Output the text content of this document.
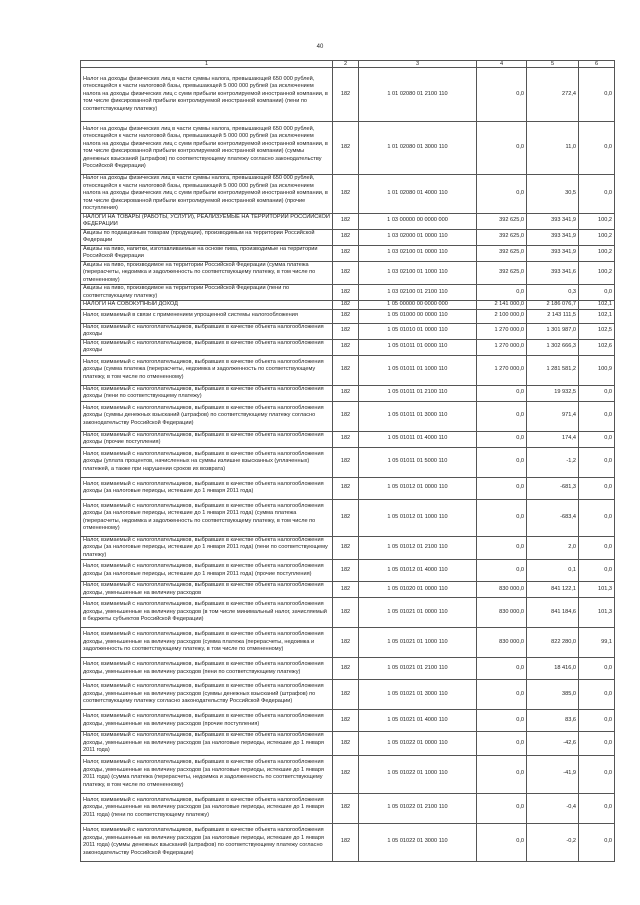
40
1	2	3	4	5	6
Налог на доходы физических лиц в части суммы налога, превышающей 650 000 рублей, относящейся к части налоговой базы, превышающей 5 000 000 рублей (за исключением налога на доходы физических лиц с сумм прибыли контролируемой иностранной компании, в том числе фиксированной прибыли контролируемой иностранной компании) (пени по соответствующему платежу)	182	1 01 02080 01 2100 110	0,0	272,4	0,0
Налог на доходы физических лиц в части суммы налога, превышающей 650 000 рублей, относящейся к части налоговой базы, превышающей 5 000 000 рублей (за исключением налога на доходы физических лиц с сумм прибыли контролируемой иностранной компании, в том числе фиксированной прибыли контролируемой иностранной компании) (суммы денежных взысканий (штрафов) по соответствующему платежу согласно законодательству Российской Федерации)	182	1 01 02080 01 3000 110	0,0	11,0	0,0
Налог на доходы физических лиц в части суммы налога, превышающей 650 000 рублей, относящейся к части налоговой базы, превышающей 5 000 000 рублей (за исключением налога на доходы физических лиц с сумм прибыли контролируемой иностранной компании, в том числе фиксированной прибыли контролируемой иностранной компании) (прочие поступления)	182	1 01 02080 01 4000 110	0,0	30,5	0,0
НАЛОГИ НА ТОВАРЫ (РАБОТЫ, УСЛУГИ), РЕАЛИЗУЕМЫЕ НА ТЕРРИТОРИИ РОССИЙСКОЙ ФЕДЕРАЦИИ	182	1 03 00000 00 0000 000	392 625,0	393 341,9	100,2
Акцизы по подакцизным товарам (продукции), производимым на территории Российской Федерации	182	1 03 02000 01 0000 110	392 625,0	393 341,9	100,2
Акцизы на пиво, напитки, изготавливаемые на основе пива, производимые на территории Российской Федерации	182	1 03 02100 01 0000 110	392 625,0	393 341,9	100,2
Акцизы на пиво, производимое на территории Российской Федерации (сумма платежа (перерасчеты, недоимка и задолженность по соответствующему платежу, в том числе по отмененному)	182	1 03 02100 01 1000 110	392 625,0	393 341,6	100,2
Акцизы на пиво, производимое на территории Российской Федерации (пени по соответствующему платежу)	182	1 03 02100 01 2100 110	0,0	0,3	0,0
НАЛОГИ НА СОВОКУПНЫЙ ДОХОД	182	1 05 00000 00 0000 000	2 141 000,0	2 186 076,7	102,1
Налог, взимаемый в связи с применением упрощенной системы налогообложения	182	1 05 01000 00 0000 110	2 100 000,0	2 143 111,5	102,1
Налог, взимаемый с налогоплательщиков, выбравших в качестве объекта налогообложения доходы	182	1 05 01010 01 0000 110	1 270 000,0	1 301 987,0	102,5
Налог, взимаемый с налогоплательщиков, выбравших в качестве объекта налогообложения доходы	182	1 05 01011 01 0000 110	1 270 000,0	1 302 666,3	102,6
Налог, взимаемый с налогоплательщиков, выбравших в качестве объекта налогообложения доходы (сумма платежа (перерасчеты, недоимка и задолженность по соответствующему платежу, в том числе по отмененному)	182	1 05 01011 01 1000 110	1 270 000,0	1 281 581,2	100,9
Налог, взимаемый с налогоплательщиков, выбравших в качестве объекта налогообложения доходы (пени по соответствующему платежу)	182	1 05 01011 01 2100 110	0,0	19 932,5	0,0
Налог, взимаемый с налогоплательщиков, выбравших в качестве объекта налогообложения доходы (суммы денежных взысканий (штрафов) по соответствующему платежу согласно законодательству Российской Федерации)	182	1 05 01011 01 3000 110	0,0	971,4	0,0
Налог, взимаемый с налогоплательщиков, выбравших в качестве объекта налогообложения доходы (прочие поступления)	182	1 05 01011 01 4000 110	0,0	174,4	0,0
Налог, взимаемый с налогоплательщиков, выбравших в качестве объекта налогообложения доходы (уплата процентов, начисленных на суммы излишне взысканных (уплаченных) платежей, а также при нарушении сроков их возврата)	182	1 05 01011 01 5000 110	0,0	-1,2	0,0
Налог, взимаемый с налогоплательщиков, выбравших в качестве объекта налогообложения доходы (за налоговые периоды, истекшие до 1 января 2011 года)	182	1 05 01012 01 0000 110	0,0	-681,3	0,0
Налог, взимаемый с налогоплательщиков, выбравших в качестве объекта налогообложения доходы (за налоговые периоды, истекшие до 1 января 2011 года) (сумма платежа (перерасчеты, недоимка и задолженность по соответствующему платежу, в том числе по отмененному)	182	1 05 01012 01 1000 110	0,0	-683,4	0,0
Налог, взимаемый с налогоплательщиков, выбравших в качестве объекта налогообложения доходы (за налоговые периоды, истекшие до 1 января 2011 года) (пени по соответствующему платежу)	182	1 05 01012 01 2100 110	0,0	2,0	0,0
Налог, взимаемый с налогоплательщиков, выбравших в качестве объекта налогообложения доходы (за налоговые периоды, истекшие до 1 января 2011 года) (прочие поступления)	182	1 05 01012 01 4000 110	0,0	0,1	0,0
Налог, взимаемый с налогоплательщиков, выбравших в качестве объекта налогообложения доходы, уменьшенные на величину расходов	182	1 05 01020 01 0000 110	830 000,0	841 122,1	101,3
Налог, взимаемый с налогоплательщиков, выбравших в качестве объекта налогообложения доходы, уменьшенные на величину расходов (в том числе минимальный налог, зачисляемый в бюджеты субъектов Российской Федерации)	182	1 05 01021 01 0000 110	830 000,0	841 184,6	101,3
Налог, взимаемый с налогоплательщиков, выбравших в качестве объекта налогообложения доходы, уменьшенные на величину расходов (сумма платежа (перерасчеты, недоимка и задолженность по соответствующему платежу, в том числе по отмененному)	182	1 05 01021 01 1000 110	830 000,0	822 280,0	99,1
Налог, взимаемый с налогоплательщиков, выбравших в качестве объекта налогообложения доходы, уменьшенные на величину расходов (пени по соответствующему платежу)	182	1 05 01021 01 2100 110	0,0	18 416,0	0,0
Налог, взимаемый с налогоплательщиков, выбравших в качестве объекта налогообложения доходы, уменьшенные на величину расходов (суммы денежных взысканий (штрафов) по соответствующему платежу согласно законодательству Российской Федерации)	182	1 05 01021 01 3000 110	0,0	385,0	0,0
Налог, взимаемый с налогоплательщиков, выбравших в качестве объекта налогообложения доходы, уменьшенные на величину расходов (прочие поступления)	182	1 05 01021 01 4000 110	0,0	83,6	0,0
Налог, взимаемый с налогоплательщиков, выбравших в качестве объекта налогообложения доходы, уменьшенные на величину расходов (за налоговые периоды, истекшие до 1 января 2011 года)	182	1 05 01022 01 0000 110	0,0	-42,6	0,0
Налог, взимаемый с налогоплательщиков, выбравших в качестве объекта налогообложения доходы, уменьшенные на величину расходов (за налоговые периоды, истекшие до 1 января 2011 года) (сумма платежа (перерасчеты, недоимка и задолженность по соответствующему платежу, в том числе по отмененному)	182	1 05 01022 01 1000 110	0,0	-41,9	0,0
Налог, взимаемый с налогоплательщиков, выбравших в качестве объекта налогообложения доходы, уменьшенные на величину расходов (за налоговые периоды, истекшие до 1 января 2011 года) (пени по соответствующему платежу)	182	1 05 01022 01 2100 110	0,0	-0,4	0,0
Налог, взимаемый с налогоплательщиков, выбравших в качестве объекта налогообложения доходы, уменьшенные на величину расходов (за налоговые периоды, истекшие до 1 января 2011 года) (суммы денежных взысканий (штрафов) по соответствующему платежу согласно законодательству Российской Федерации)	182	1 05 01022 01 3000 110	0,0	-0,2	0,0
